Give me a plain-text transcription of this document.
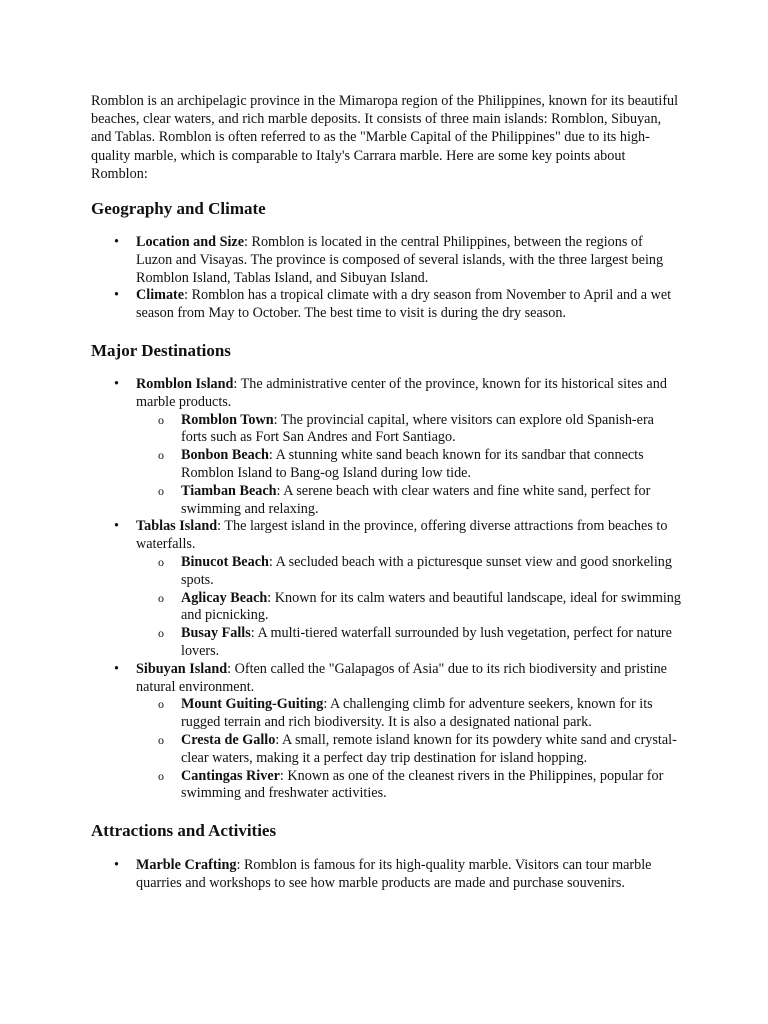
Romblon is an archipelagic province in the Mimaropa region of the Philippines, known for its beautiful beaches, clear waters, and rich marble deposits. It consists of three main islands: Romblon, Sibuyan, and Tablas. Romblon is often referred to as the "Marble Capital of the Philippines" due to its high-quality marble, which is comparable to Italy's Carrara marble. Here are some key points about Romblon:

Geography and Climate
• Location and Size: Romblon is located in the central Philippines, between the regions of Luzon and Visayas. The province is composed of several islands, with the three largest being Romblon Island, Tablas Island, and Sibuyan Island.
• Climate: Romblon has a tropical climate with a dry season from November to April and a wet season from May to October. The best time to visit is during the dry season.
Major Destinations
• Romblon Island: The administrative center of the province, known for its historical sites and marble products.
o Romblon Town: The provincial capital, where visitors can explore old Spanish-era forts such as Fort San Andres and Fort Santiago.
o Bonbon Beach: A stunning white sand beach known for its sandbar that connects Romblon Island to Bang-og Island during low tide.
o Tiamban Beach: A serene beach with clear waters and fine white sand, perfect for swimming and relaxing.
• Tablas Island: The largest island in the province, offering diverse attractions from beaches to waterfalls.
o Binucot Beach: A secluded beach with a picturesque sunset view and good snorkeling spots.
o Aglicay Beach: Known for its calm waters and beautiful landscape, ideal for swimming and picnicking.
o Busay Falls: A multi-tiered waterfall surrounded by lush vegetation, perfect for nature lovers.
• Sibuyan Island: Often called the "Galapagos of Asia" due to its rich biodiversity and pristine natural environment.
o Mount Guiting-Guiting: A challenging climb for adventure seekers, known for its rugged terrain and rich biodiversity. It is also a designated national park.
o Cresta de Gallo: A small, remote island known for its powdery white sand and crystal-clear waters, making it a perfect day trip destination for island hopping.
o Cantingas River: Known as one of the cleanest rivers in the Philippines, popular for swimming and freshwater activities.
Attractions and Activities
• Marble Crafting: Romblon is famous for its high-quality marble. Visitors can tour marble quarries and workshops to see how marble products are made and purchase souvenirs.
